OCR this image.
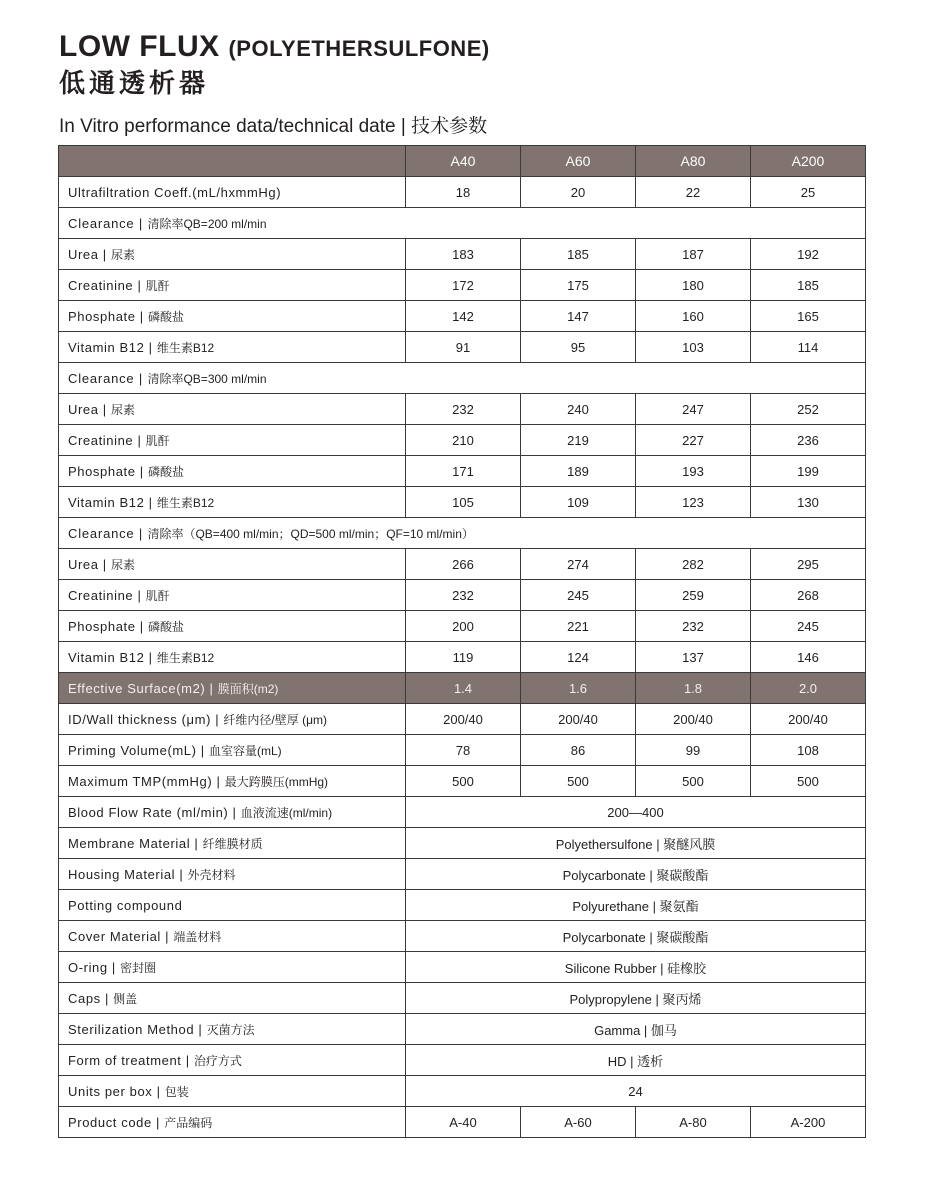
LOW FLUX (POLYETHERSULFONE)
低通透析器
In Vitro performance data/technical date | 技术参数
	A40	A60	A80	A200
Ultrafiltration Coeff.(mL/hxmmHg)	18	20	22	25
Clearance | 清除率QB=200 ml/min				
Urea | 尿素	183	185	187	192
Creatinine | 肌酐	172	175	180	185
Phosphate | 磷酸盐	142	147	160	165
Vitamin B12 | 维生素B12	91	95	103	114
Clearance | 清除率QB=300 ml/min				
Urea | 尿素	232	240	247	252
Creatinine | 肌酐	210	219	227	236
Phosphate | 磷酸盐	171	189	193	199
Vitamin B12 | 维生素B12	105	109	123	130
Clearance | 清除率（QB=400 ml/min；QD=500 ml/min；QF=10 ml/min）				
Urea | 尿素	266	274	282	295
Creatinine | 肌酐	232	245	259	268
Phosphate | 磷酸盐	200	221	232	245
Vitamin B12 | 维生素B12	119	124	137	146
Effective Surface(m2) | 膜面积(m2)	1.4	1.6	1.8	2.0
ID/Wall thickness (μm) | 纤维内径/壁厚 (μm)	200/40	200/40	200/40	200/40
Priming Volume(mL) | 血室容量(mL)	78	86	99	108
Maximum TMP(mmHg) | 最大跨膜压(mmHg)	500	500	500	500
Blood Flow Rate (ml/min) | 血液流速(ml/min)	200—400			
Membrane Material | 纤维膜材质	Polyethersulfone | 聚醚风膜			
Housing Material | 外壳材料	Polycarbonate | 聚碳酸酯			
Potting compound	Polyurethane | 聚氨酯			
Cover Material | 端盖材料	Polycarbonate | 聚碳酸酯			
O-ring | 密封圈	Silicone Rubber | 硅橡胶			
Caps | 侧盖	Polypropylene | 聚丙烯			
Sterilization Method | 灭菌方法	Gamma | 伽马			
Form of treatment | 治疗方式	HD | 透析			
Units per box | 包装	24			
Product code | 产品编码	A-40	A-60	A-80	A-200
